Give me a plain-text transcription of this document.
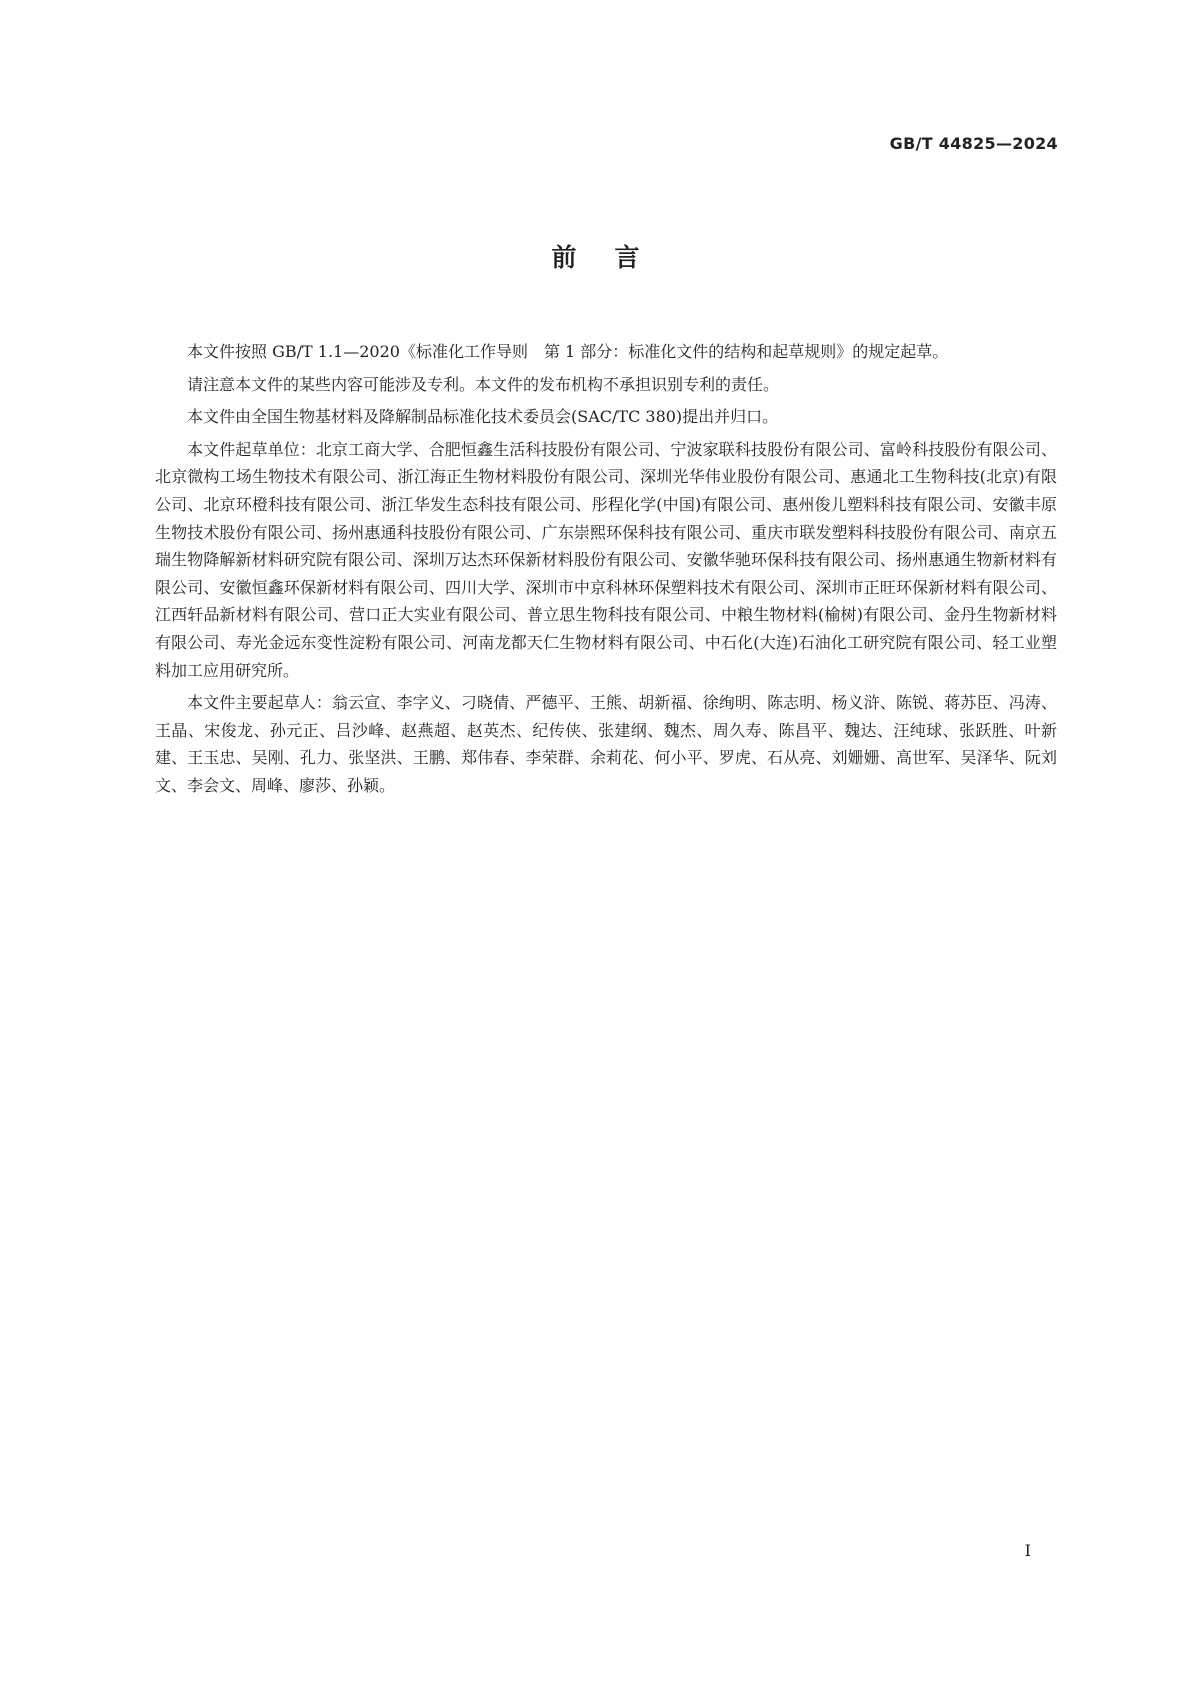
GB/T 44825—2024

前言

本文件按照 GB/T 1.1—2020《标准化工作导则　第 1 部分：标准化文件的结构和起草规则》的规定起草。

请注意本文件的某些内容可能涉及专利。本文件的发布机构不承担识别专利的责任。

本文件由全国生物基材料及降解制品标准化技术委员会(SAC/TC 380)提出并归口。

本文件起草单位：北京工商大学、合肥恒鑫生活科技股份有限公司、宁波家联科技股份有限公司、富岭科技股份有限公司、北京微构工场生物技术有限公司、浙江海正生物材料股份有限公司、深圳光华伟业股份有限公司、惠通北工生物科技(北京)有限公司、北京环橙科技有限公司、浙江华发生态科技有限公司、彤程化学(中国)有限公司、惠州俊儿塑料科技有限公司、安徽丰原生物技术股份有限公司、扬州惠通科技股份有限公司、广东崇熙环保科技有限公司、重庆市联发塑料科技股份有限公司、南京五瑞生物降解新材料研究院有限公司、深圳万达杰环保新材料股份有限公司、安徽华驰环保科技有限公司、扬州惠通生物新材料有限公司、安徽恒鑫环保新材料有限公司、四川大学、深圳市中京科林环保塑料技术有限公司、深圳市正旺环保新材料有限公司、江西轩品新材料有限公司、营口正大实业有限公司、普立思生物科技有限公司、中粮生物材料(榆树)有限公司、金丹生物新材料有限公司、寿光金远东变性淀粉有限公司、河南龙都天仁生物材料有限公司、中石化(大连)石油化工研究院有限公司、轻工业塑料加工应用研究所。

本文件主要起草人：翁云宣、李字义、刁晓倩、严德平、王熊、胡新福、徐绚明、陈志明、杨义浒、陈锐、蒋苏臣、冯涛、王晶、宋俊龙、孙元正、吕沙峰、赵燕超、赵英杰、纪传侠、张建纲、魏杰、周久寿、陈昌平、魏达、汪纯球、张跃胜、叶新建、王玉忠、吴刚、孔力、张坚洪、王鹏、郑伟春、李荣群、余莉花、何小平、罗虎、石从亮、刘姗姗、高世军、吴泽华、阮刘文、李会文、周峰、廖莎、孙颖。

I
